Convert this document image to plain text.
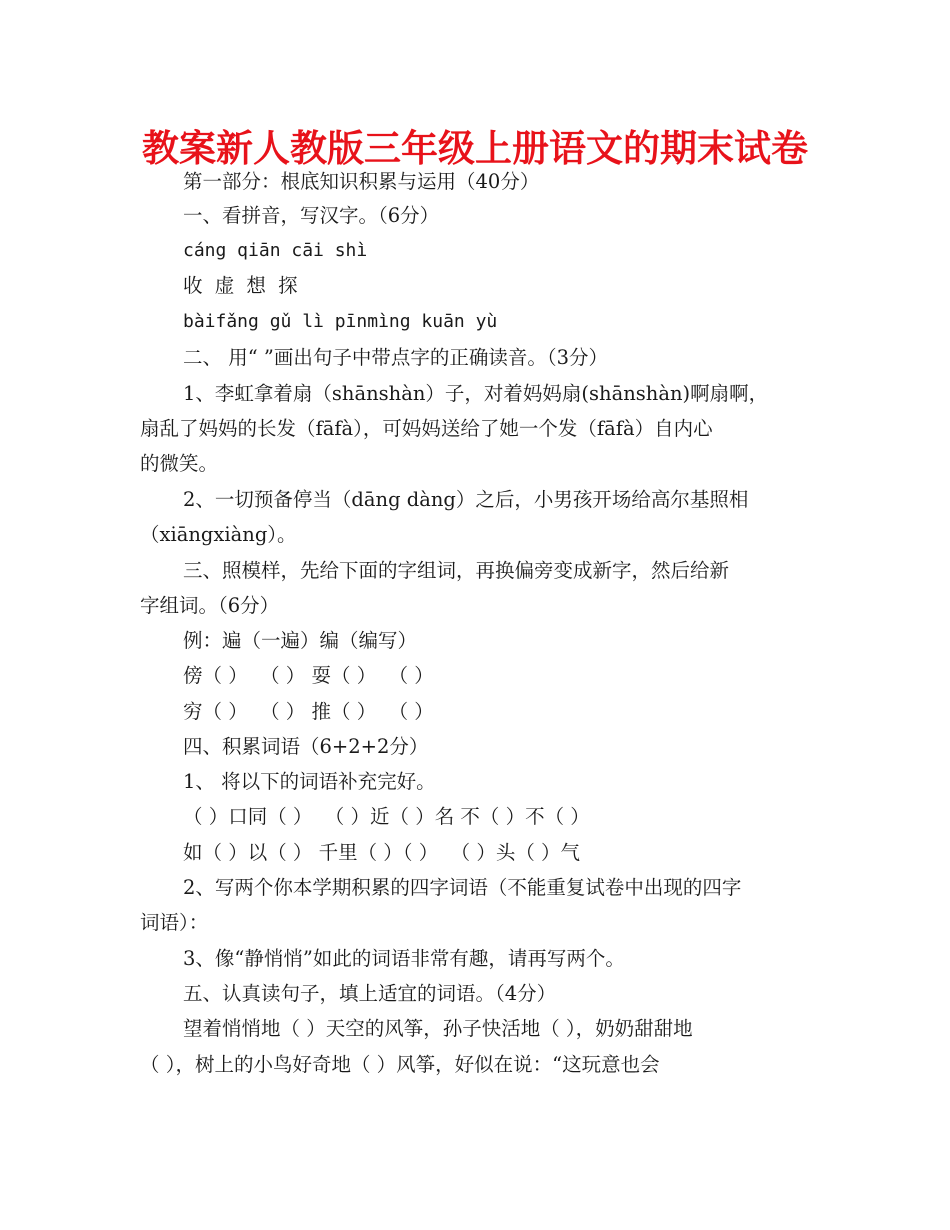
教案新人教版三年级上册语文的期末试卷
第一部分：根底知识积累与运用（40分）
一、看拼音，写汉字。（6分）
cáng qiān cāi shì
收 虚 想 探
bàifǎng gǔ lì pīnmìng kuān yù
二、 用“ ”画出句子中带点字的正确读音。（3分）
1、李虹拿着扇（shānshàn）子，对着妈妈扇(shānshàn)啊扇啊，
扇乱了妈妈的长发（fāfà），可妈妈送给了她一个发（fāfà）自内心
的微笑。
2、一切预备停当（dāng dàng）之后，小男孩开场给高尔基照相
（xiāngxiàng）。
三、照模样，先给下面的字组词，再换偏旁变成新字，然后给新
字组词。（6分）
例：遍（一遍）编（编写）
傍（ ）  （ ） 耍（ ）  （ ）
穷（ ）  （ ） 推（ ）  （ ）
四、积累词语（6+2+2分）
1、 将以下的词语补充完好。
（ ）口同（ ）  （ ）近（ ）名 不（ ）不（ ）
如（ ）以（ ） 千里（ ）（ ）  （ ）头（ ）气
2、写两个你本学期积累的四字词语（不能重复试卷中出现的四字
词语）：
3、像“静悄悄”如此的词语非常有趣，请再写两个。
五、认真读句子，填上适宜的词语。（4分）
望着悄悄地（ ）天空的风筝，孙子快活地（ ），奶奶甜甜地
（ ），树上的小鸟好奇地（ ）风筝，好似在说：“这玩意也会
